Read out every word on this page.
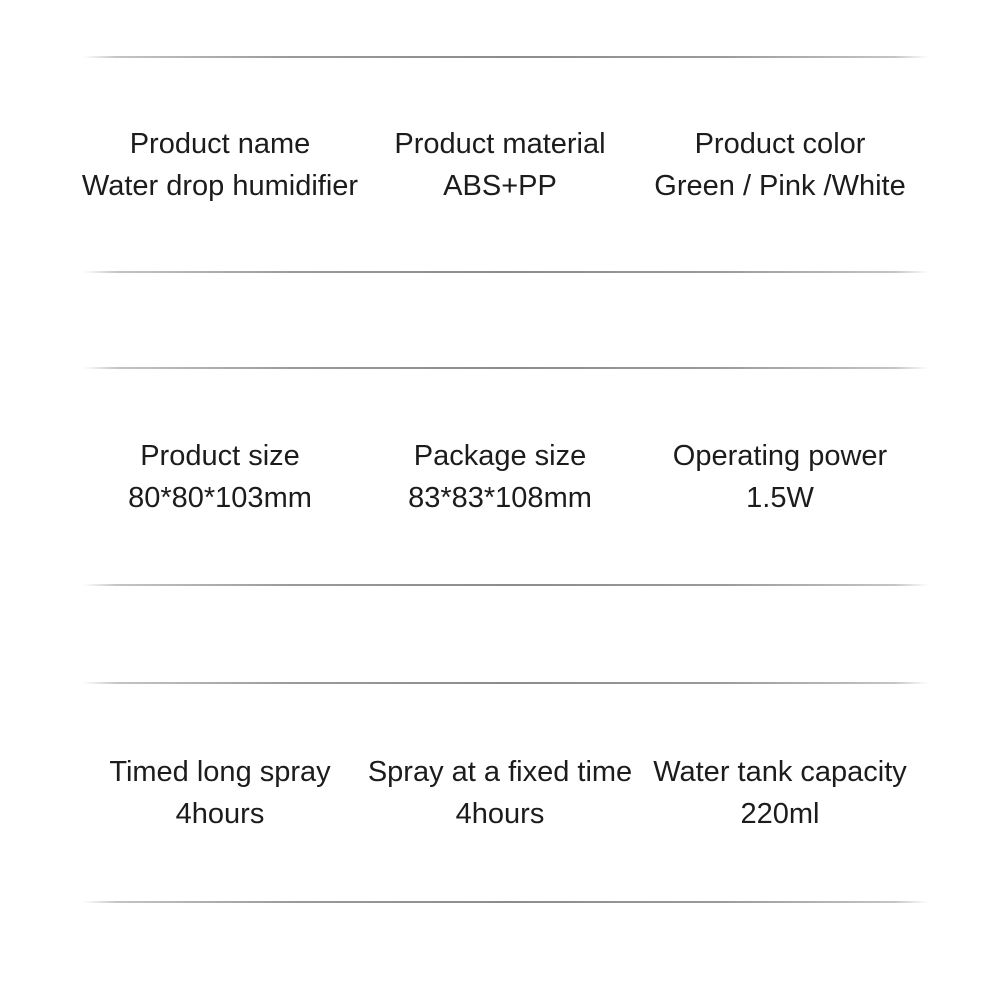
Product name
Water drop humidifier
Product material
ABS+PP
Product color
Green / Pink /White
Product size
80*80*103mm
Package size
83*83*108mm
Operating power
1.5W
Timed long spray
4hours
Spray at a fixed time
4hours
Water tank capacity
220ml
